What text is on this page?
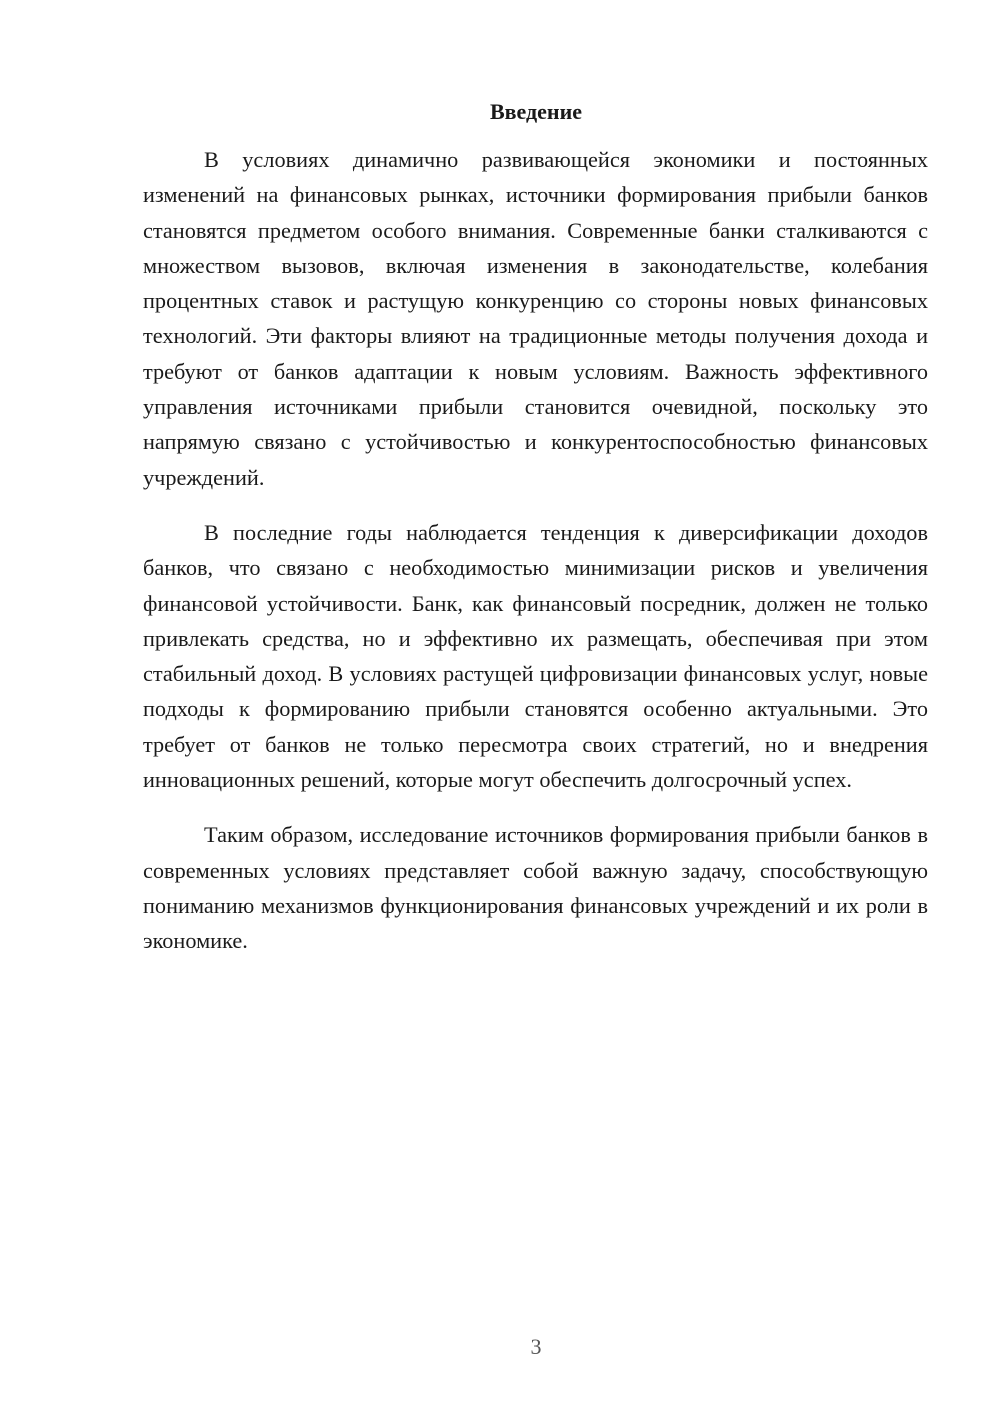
Введение

В условиях динамично развивающейся экономики и постоянных изменений на финансовых рынках, источники формирования прибыли банков становятся предметом особого внимания. Современные банки сталкиваются с множеством вызовов, включая изменения в законодательстве, колебания процентных ставок и растущую конкуренцию со стороны новых финансовых технологий. Эти факторы влияют на традиционные методы получения дохода и требуют от банков адаптации к новым условиям. Важность эффективного управления источниками прибыли становится очевидной, поскольку это напрямую связано с устойчивостью и конкурентоспособностью финансовых учреждений.

В последние годы наблюдается тенденция к диверсификации доходов банков, что связано с необходимостью минимизации рисков и увеличения финансовой устойчивости. Банк, как финансовый посредник, должен не только привлекать средства, но и эффективно их размещать, обеспечивая при этом стабильный доход. В условиях растущей цифровизации финансовых услуг, новые подходы к формированию прибыли становятся особенно актуальными. Это требует от банков не только пересмотра своих стратегий, но и внедрения инновационных решений, которые могут обеспечить долгосрочный успех.

Таким образом, исследование источников формирования прибыли банков в современных условиях представляет собой важную задачу, способствующую пониманию механизмов функционирования финансовых учреждений и их роли в экономике.

3
